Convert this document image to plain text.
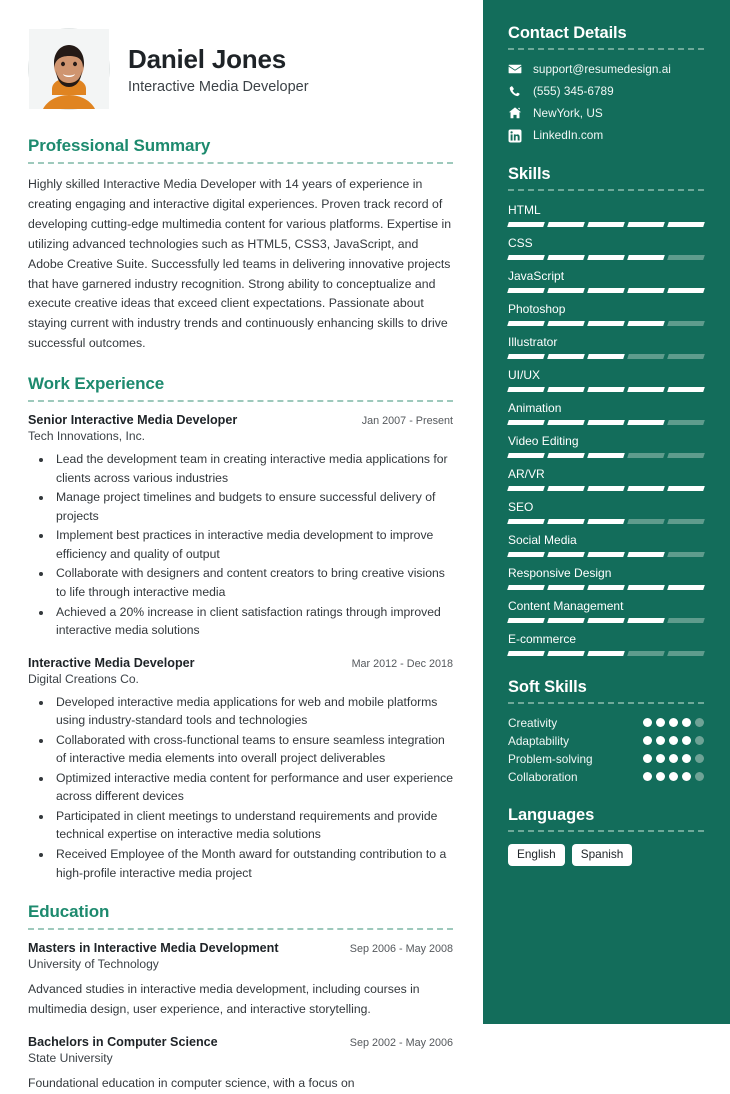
Daniel Jones
Interactive Media Developer
Professional Summary
Highly skilled Interactive Media Developer with 14 years of experience in creating engaging and interactive digital experiences. Proven track record of developing cutting-edge multimedia content for various platforms. Expertise in utilizing advanced technologies such as HTML5, CSS3, JavaScript, and Adobe Creative Suite. Successfully led teams in delivering innovative projects that have garnered industry recognition. Strong ability to conceptualize and execute creative ideas that exceed client expectations. Passionate about staying current with industry trends and continuously enhancing skills to drive successful outcomes.
Work Experience
Senior Interactive Media Developer	Jan 2007 - Present
Tech Innovations, Inc.
• Lead the development team in creating interactive media applications for clients across various industries
• Manage project timelines and budgets to ensure successful delivery of projects
• Implement best practices in interactive media development to improve efficiency and quality of output
• Collaborate with designers and content creators to bring creative visions to life through interactive media
• Achieved a 20% increase in client satisfaction ratings through improved interactive media solutions
Interactive Media Developer	Mar 2012 - Dec 2018
Digital Creations Co.
• Developed interactive media applications for web and mobile platforms using industry-standard tools and technologies
• Collaborated with cross-functional teams to ensure seamless integration of interactive media elements into overall project deliverables
• Optimized interactive media content for performance and user experience across different devices
• Participated in client meetings to understand requirements and provide technical expertise on interactive media solutions
• Received Employee of the Month award for outstanding contribution to a high-profile interactive media project
Education
Masters in Interactive Media Development	Sep 2006 - May 2008
University of Technology
Advanced studies in interactive media development, including courses in multimedia design, user experience, and interactive storytelling.
Bachelors in Computer Science	Sep 2002 - May 2006
State University
Foundational education in computer science, with a focus on
Contact Details
support@resumedesign.ai
(555) 345-6789
NewYork, US
LinkedIn.com
Skills
HTML
CSS
JavaScript
Photoshop
Illustrator
UI/UX
Animation
Video Editing
AR/VR
SEO
Social Media
Responsive Design
Content Management
E-commerce
Soft Skills
Creativity
Adaptability
Problem-solving
Collaboration
Languages
English	Spanish
